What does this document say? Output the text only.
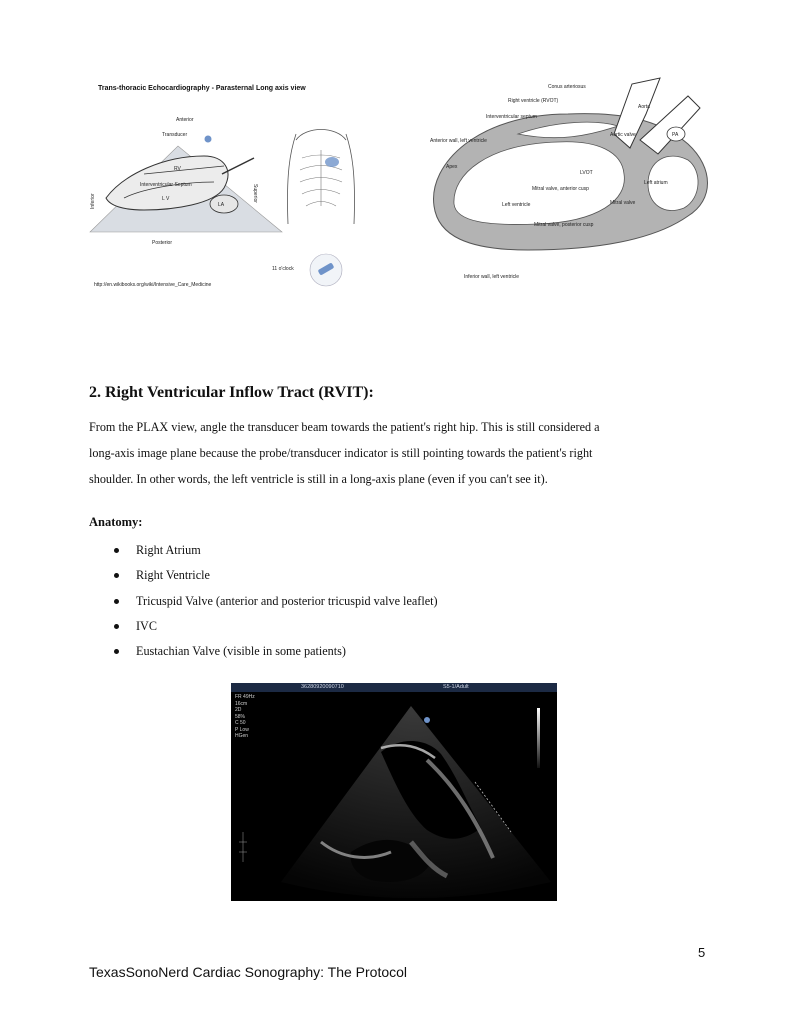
Trans-thoracic Echocardiography - Parasternal Long axis view
Anterior
Transducer
RV
Interventricular Septum
L V
LA
Inferior	Superior
Posterior
11 o'clock
http://en.wikibooks.org/wiki/Intensive_Care_Medicine
Conus arteriosus
Right ventricle (RVOT)
Interventricular septum
Aorta
PA
Anterior wall, left ventricle
Aortic valve
Apex
LVOT
Left atrium
Mitral valve, anterior cusp
Mitral valve
Left ventricle
Mitral valve, posterior cusp
Inferior wall, left ventricle
2. Right Ventricular Inflow Tract (RVIT):
From the PLAX view, angle the transducer beam towards the patient's right hip. This is still considered a
long-axis image plane because the probe/transducer indicator is still pointing towards the patient's right
shoulder. In other words, the left ventricle is still in a long-axis plane (even if you can't see it).

Anatomy:

Right Atrium
Right Ventricle
Tricuspid Valve (anterior and posterior tricuspid valve leaflet)
IVC
Eustachian Valve (visible in some patients)
36280920090710	S5-1/Adult
FR 49Hz
16cm
2D
58%
C 50
P Low
HGen
5
TexasSonoNerd Cardiac Sonography: The Protocol
